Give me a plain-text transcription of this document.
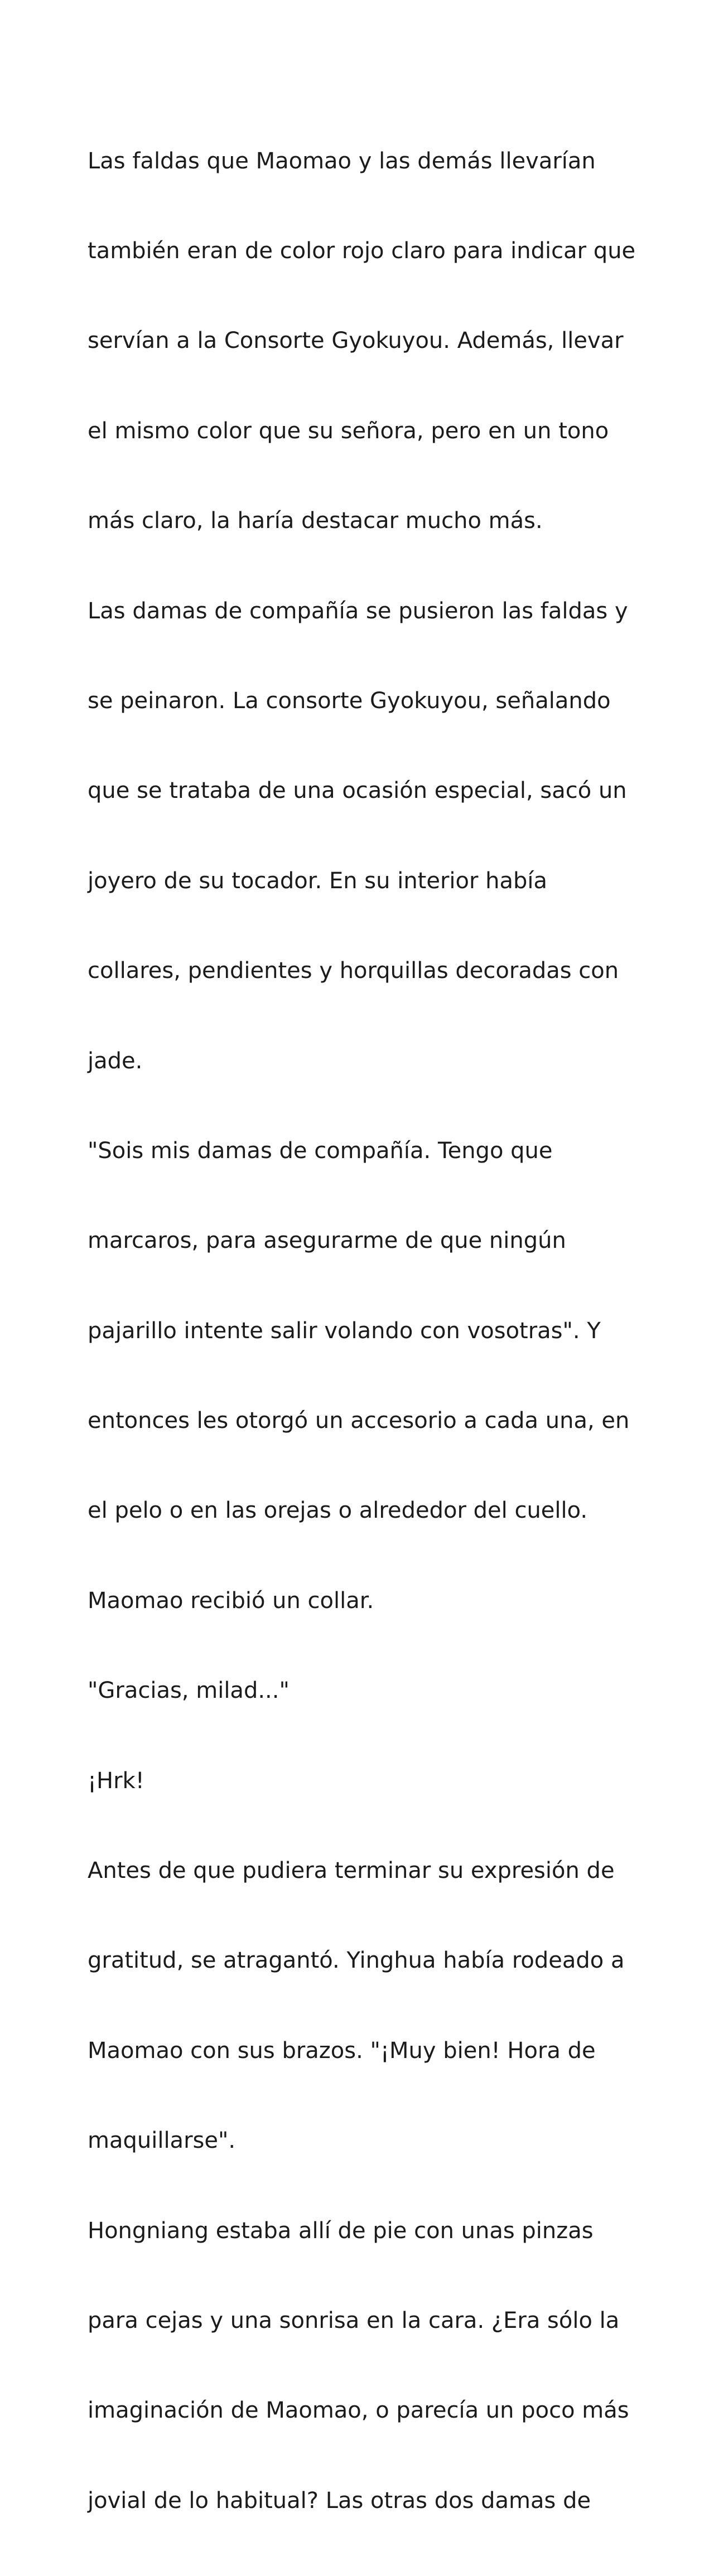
Las faldas que Maomao y las demás llevarían

también eran de color rojo claro para indicar que

servían a la Consorte Gyokuyou. Además, llevar

el mismo color que su señora, pero en un tono

más claro, la haría destacar mucho más.

Las damas de compañía se pusieron las faldas y

se peinaron. La consorte Gyokuyou, señalando

que se trataba de una ocasión especial, sacó un

joyero de su tocador. En su interior había

collares, pendientes y horquillas decoradas con

jade.

"Sois mis damas de compañía. Tengo que

marcaros, para asegurarme de que ningún

pajarillo intente salir volando con vosotras". Y

entonces les otorgó un accesorio a cada una, en

el pelo o en las orejas o alrededor del cuello.

Maomao recibió un collar.

"Gracias, milad..."

¡Hrk!

Antes de que pudiera terminar su expresión de

gratitud, se atragantó. Yinghua había rodeado a

Maomao con sus brazos. "¡Muy bien! Hora de

maquillarse".

Hongniang estaba allí de pie con unas pinzas

para cejas y una sonrisa en la cara. ¿Era sólo la

imaginación de Maomao, o parecía un poco más

jovial de lo habitual? Las otras dos damas de
